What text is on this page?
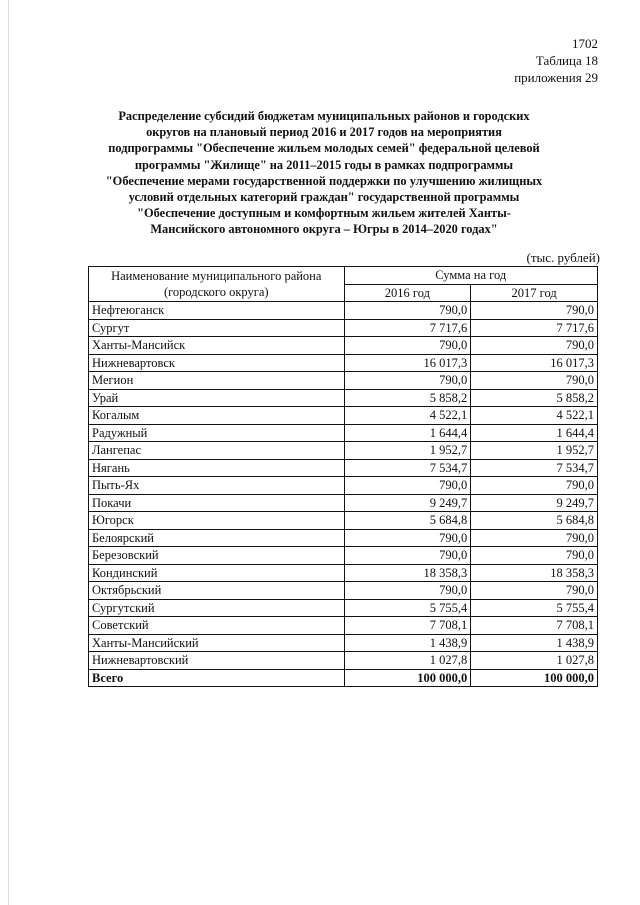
1702
Таблица 18
приложения 29
Распределение субсидий бюджетам муниципальных районов и городских
округов на плановый период 2016 и 2017 годов на мероприятия
подпрограммы "Обеспечение жильем молодых семей" федеральной целевой
программы "Жилище" на 2011–2015 годы в рамках подпрограммы
"Обеспечение мерами государственной поддержки по улучшению жилищных
условий отдельных категорий граждан" государственной программы
"Обеспечение доступным и комфортным жильем жителей Ханты-
Мансийского автономного округа – Югры в 2014–2020 годах"
(тыс. рублей)
Наименование муниципального района
(городского округа)	Сумма на год	
	2016 год	2017 год
Нефтеюганск	790,0	790,0
Сургут	7 717,6	7 717,6
Ханты-Мансийск	790,0	790,0
Нижневартовск	16 017,3	16 017,3
Мегион	790,0	790,0
Урай	5 858,2	5 858,2
Когалым	4 522,1	4 522,1
Радужный	1 644,4	1 644,4
Лангепас	1 952,7	1 952,7
Нягань	7 534,7	7 534,7
Пыть-Ях	790,0	790,0
Покачи	9 249,7	9 249,7
Югорск	5 684,8	5 684,8
Белоярский	790,0	790,0
Березовский	790,0	790,0
Кондинский	18 358,3	18 358,3
Октябрьский	790,0	790,0
Сургутский	5 755,4	5 755,4
Советский	7 708,1	7 708,1
Ханты-Мансийский	1 438,9	1 438,9
Нижневартовский	1 027,8	1 027,8
Всего	100 000,0	100 000,0
